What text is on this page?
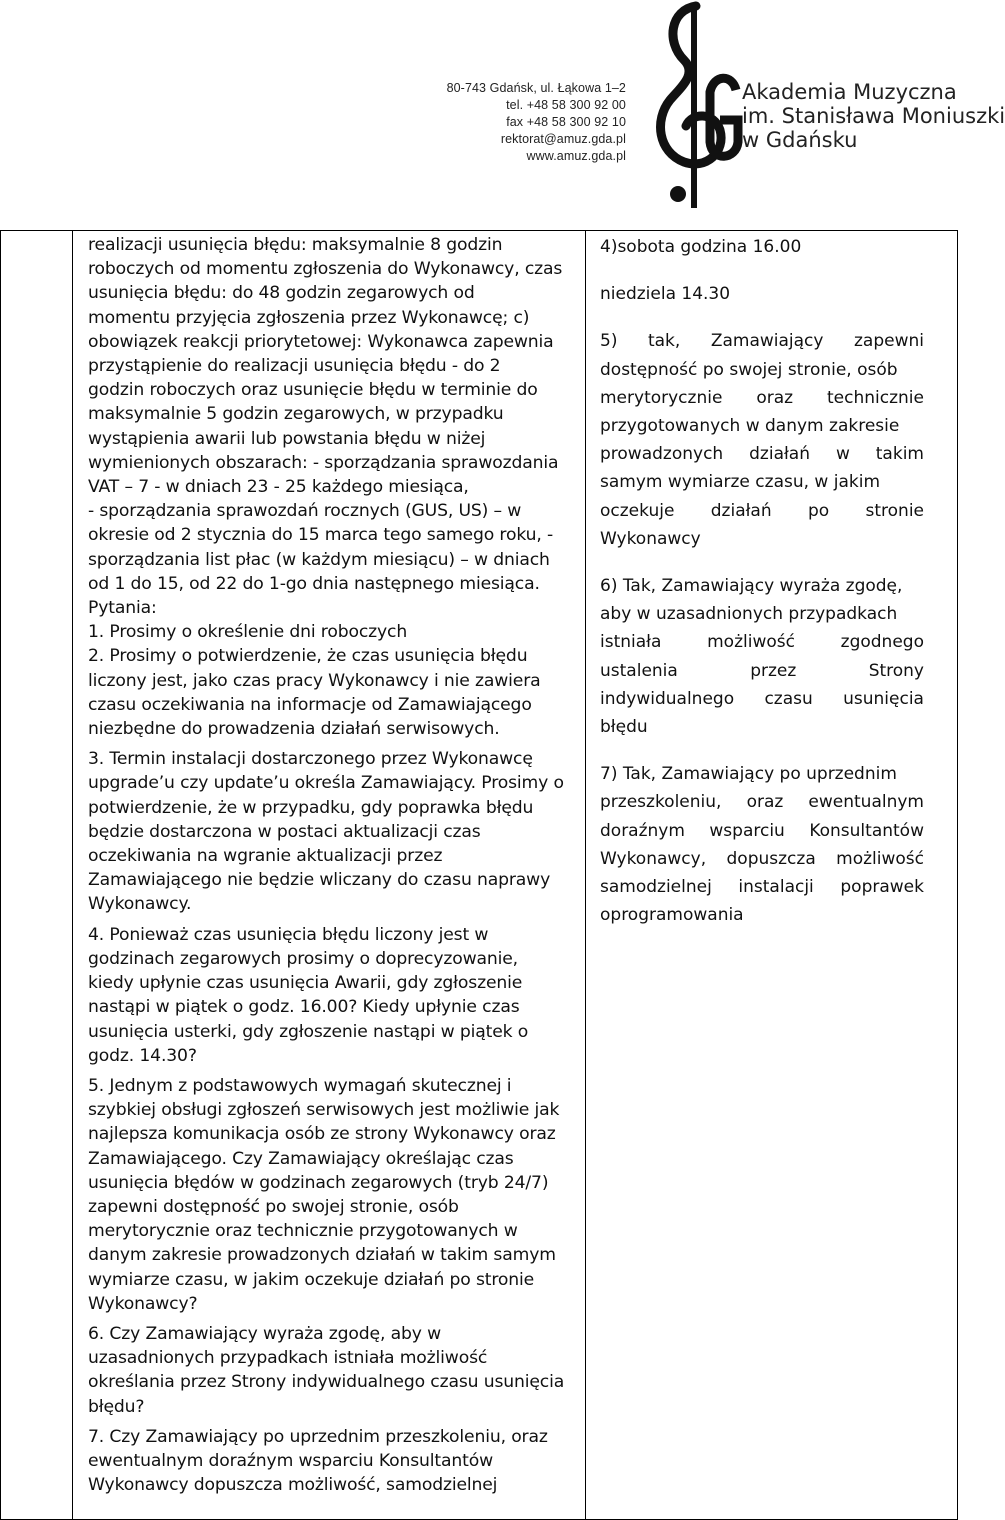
80-743 Gdańsk, ul. Łąkowa 1–2
tel. +48 58 300 92 00
fax +48 58 300 92 10
rektorat@amuz.gda.pl
www.amuz.gda.pl
Akademia Muzyczna
im. Stanisława Moniuszki
w Gdańsku

realizacji usunięcia błędu: maksymalnie 8 godzin

roboczych od momentu zgłoszenia do Wykonawcy, czas

usunięcia błędu: do 48 godzin zegarowych od

momentu przyjęcia zgłoszenia przez Wykonawcę; c)

obowiązek reakcji priorytetowej: Wykonawca zapewnia

przystąpienie do realizacji usunięcia błędu - do 2

godzin roboczych oraz usunięcie błędu w terminie do

maksymalnie 5 godzin zegarowych, w przypadku

wystąpienia awarii lub powstania błędu w niżej

wymienionych obszarach: - sporządzania sprawozdania

VAT – 7 - w dniach 23 - 25 każdego miesiąca,

- sporządzania sprawozdań rocznych (GUS, US) – w

okresie od 2 stycznia do 15 marca tego samego roku, -

sporządzania list płac (w każdym miesiącu) – w dniach

od 1 do 15, od 22 do 1-go dnia następnego miesiąca.

Pytania:

1. Prosimy o określenie dni roboczych

2. Prosimy o potwierdzenie, że czas usunięcia błędu

liczony jest, jako czas pracy Wykonawcy i nie zawiera

czasu oczekiwania na informacje od Zamawiającego

niezbędne do prowadzenia działań serwisowych.

3. Termin instalacji dostarczonego przez Wykonawcę

upgrade’u czy update’u określa Zamawiający. Prosimy o

potwierdzenie, że w przypadku, gdy poprawka błędu

będzie dostarczona w postaci aktualizacji czas

oczekiwania na wgranie aktualizacji przez

Zamawiającego nie będzie wliczany do czasu naprawy

Wykonawcy.

4. Ponieważ czas usunięcia błędu liczony jest w

godzinach zegarowych prosimy o doprecyzowanie,

kiedy upłynie czas usunięcia Awarii, gdy zgłoszenie

nastąpi w piątek o godz. 16.00? Kiedy upłynie czas

usunięcia usterki, gdy zgłoszenie nastąpi w piątek o

godz. 14.30?

5. Jednym z podstawowych wymagań skutecznej i

szybkiej obsługi zgłoszeń serwisowych jest możliwie jak

najlepsza komunikacja osób ze strony Wykonawcy oraz

Zamawiającego. Czy Zamawiający określając czas

usunięcia błędów w godzinach zegarowych (tryb 24/7)

zapewni dostępność po swojej stronie, osób

merytorycznie oraz technicznie przygotowanych w

danym zakresie prowadzonych działań w takim samym

wymiarze czasu, w jakim oczekuje działań po stronie

Wykonawcy?

6. Czy Zamawiający wyraża zgodę, aby w

uzasadnionych przypadkach istniała możliwość

określania przez Strony indywidualnego czasu usunięcia

błędu?

7. Czy Zamawiający po uprzednim przeszkoleniu, oraz

ewentualnym doraźnym wsparciu Konsultantów

Wykonawcy dopuszcza możliwość, samodzielnej

4)sobota godzina 16.00

niedziela 14.30

5) tak, Zamawiający zapewni

dostępność po swojej stronie, osób

merytorycznie oraz technicznie

przygotowanych w danym zakresie

prowadzonych działań w takim

samym wymiarze czasu, w jakim

oczekuje działań po stronie

Wykonawcy

6) Tak, Zamawiający wyraża zgodę,

aby w uzasadnionych przypadkach

istniała	możliwość	zgodnego

ustalenia	przez	Strony

indywidualnego czasu usunięcia

błędu

7) Tak, Zamawiający po uprzednim

przeszkoleniu, oraz ewentualnym

doraźnym wsparciu Konsultantów

Wykonawcy, dopuszcza możliwość

samodzielnej instalacji poprawek

oprogramowania
